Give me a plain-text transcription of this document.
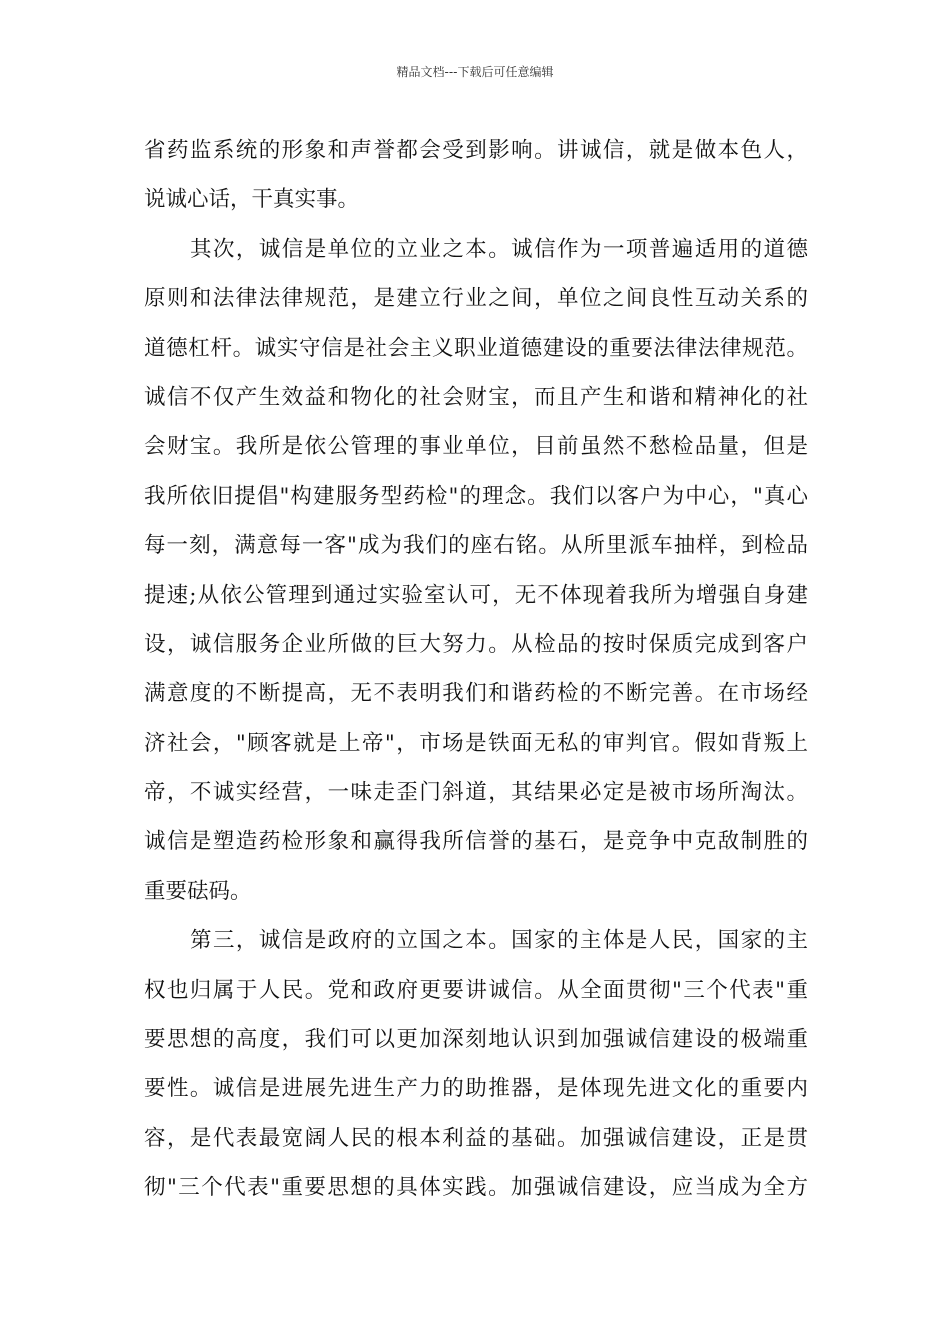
精品文档---下载后可任意编辑
省药监系统的形象和声誉都会受到影响。讲诚信，就是做本色人，
说诚心话，干真实事。
其次，诚信是单位的立业之本。诚信作为一项普遍适用的道德
原则和法律法律规范，是建立行业之间，单位之间良性互动关系的
道德杠杆。诚实守信是社会主义职业道德建设的重要法律法律规范。
诚信不仅产生效益和物化的社会财宝，而且产生和谐和精神化的社
会财宝。我所是依公管理的事业单位，目前虽然不愁检品量，但是
我所依旧提倡"构建服务型药检"的理念。我们以客户为中心，"真心
每一刻，满意每一客"成为我们的座右铭。从所里派车抽样，到检品
提速;从依公管理到通过实验室认可，无不体现着我所为增强自身建
设，诚信服务企业所做的巨大努力。从检品的按时保质完成到客户
满意度的不断提高，无不表明我们和谐药检的不断完善。在市场经
济社会，"顾客就是上帝"，市场是铁面无私的审判官。假如背叛上
帝，不诚实经营，一味走歪门斜道，其结果必定是被市场所淘汰。
诚信是塑造药检形象和赢得我所信誉的基石，是竞争中克敌制胜的
重要砝码。
第三，诚信是政府的立国之本。国家的主体是人民，国家的主
权也归属于人民。党和政府更要讲诚信。从全面贯彻"三个代表"重
要思想的高度，我们可以更加深刻地认识到加强诚信建设的极端重
要性。诚信是进展先进生产力的助推器，是体现先进文化的重要内
容，是代表最宽阔人民的根本利益的基础。加强诚信建设，正是贯
彻"三个代表"重要思想的具体实践。加强诚信建设，应当成为全方
